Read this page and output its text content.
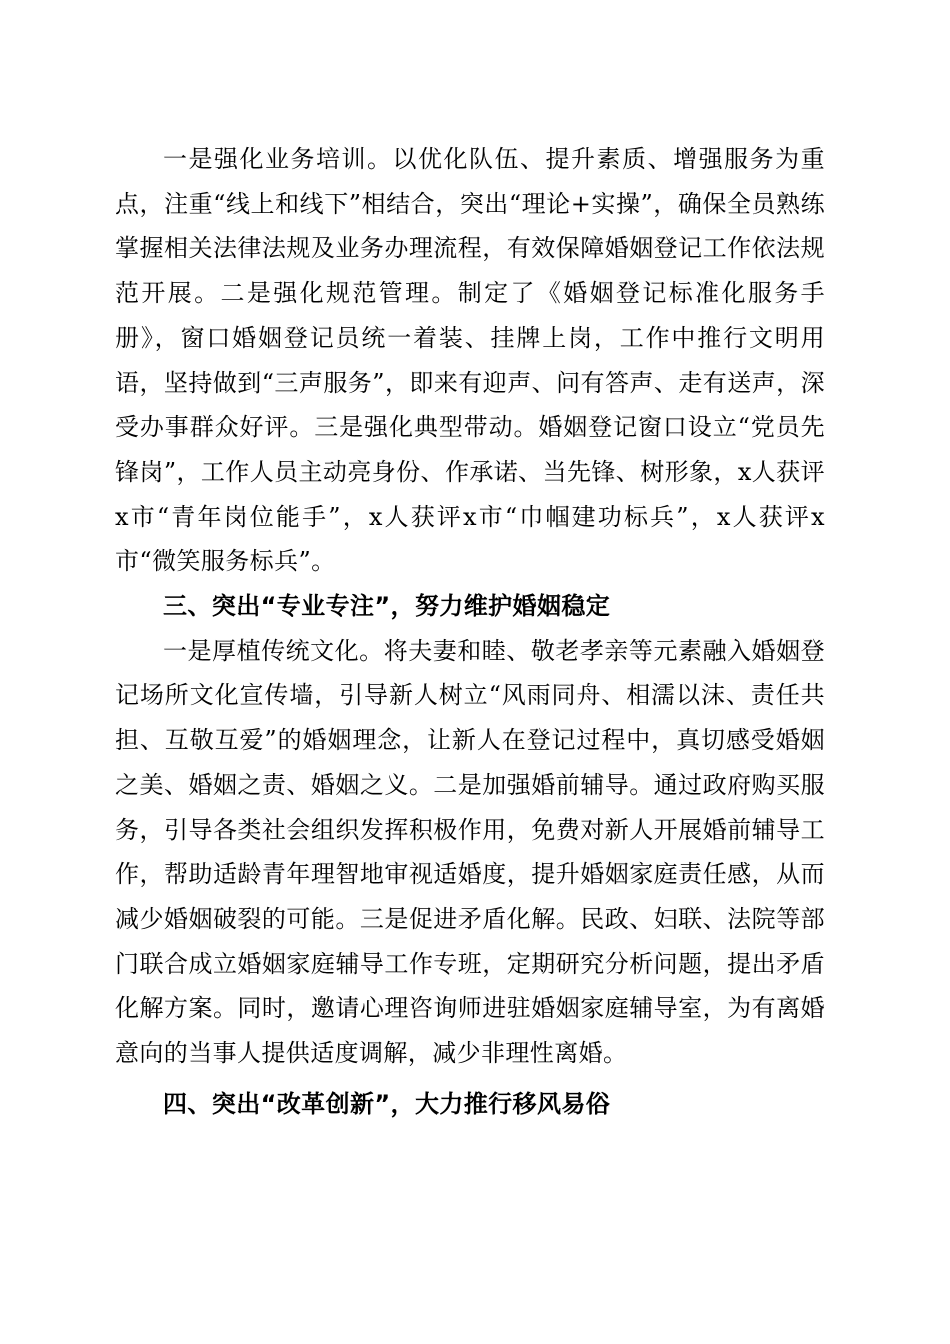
一是强化业务培训。以优化队伍、提升素质、增强服务为重点，注重“线上和线下”相结合，突出“理论+实操”，确保全员熟练掌握相关法律法规及业务办理流程，有效保障婚姻登记工作依法规范开展。二是强化规范管理。制定了《婚姻登记标准化服务手册》，窗口婚姻登记员统一着装、挂牌上岗，工作中推行文明用语，坚持做到“三声服务”，即来有迎声、问有答声、走有送声，深受办事群众好评。三是强化典型带动。婚姻登记窗口设立“党员先锋岗”，工作人员主动亮身份、作承诺、当先锋、树形象，x人获评x市“青年岗位能手”，x人获评x市“巾帼建功标兵”，x人获评x市“微笑服务标兵”。

三、突出“专业专注”，努力维护婚姻稳定

一是厚植传统文化。将夫妻和睦、敬老孝亲等元素融入婚姻登记场所文化宣传墙，引导新人树立“风雨同舟、相濡以沫、责任共担、互敬互爱”的婚姻理念，让新人在登记过程中，真切感受婚姻之美、婚姻之责、婚姻之义。二是加强婚前辅导。通过政府购买服务，引导各类社会组织发挥积极作用，免费对新人开展婚前辅导工作，帮助适龄青年理智地审视适婚度，提升婚姻家庭责任感，从而减少婚姻破裂的可能。三是促进矛盾化解。民政、妇联、法院等部门联合成立婚姻家庭辅导工作专班，定期研究分析问题，提出矛盾化解方案。同时，邀请心理咨询师进驻婚姻家庭辅导室，为有离婚意向的当事人提供适度调解，减少非理性离婚。

四、突出“改革创新”，大力推行移风易俗
